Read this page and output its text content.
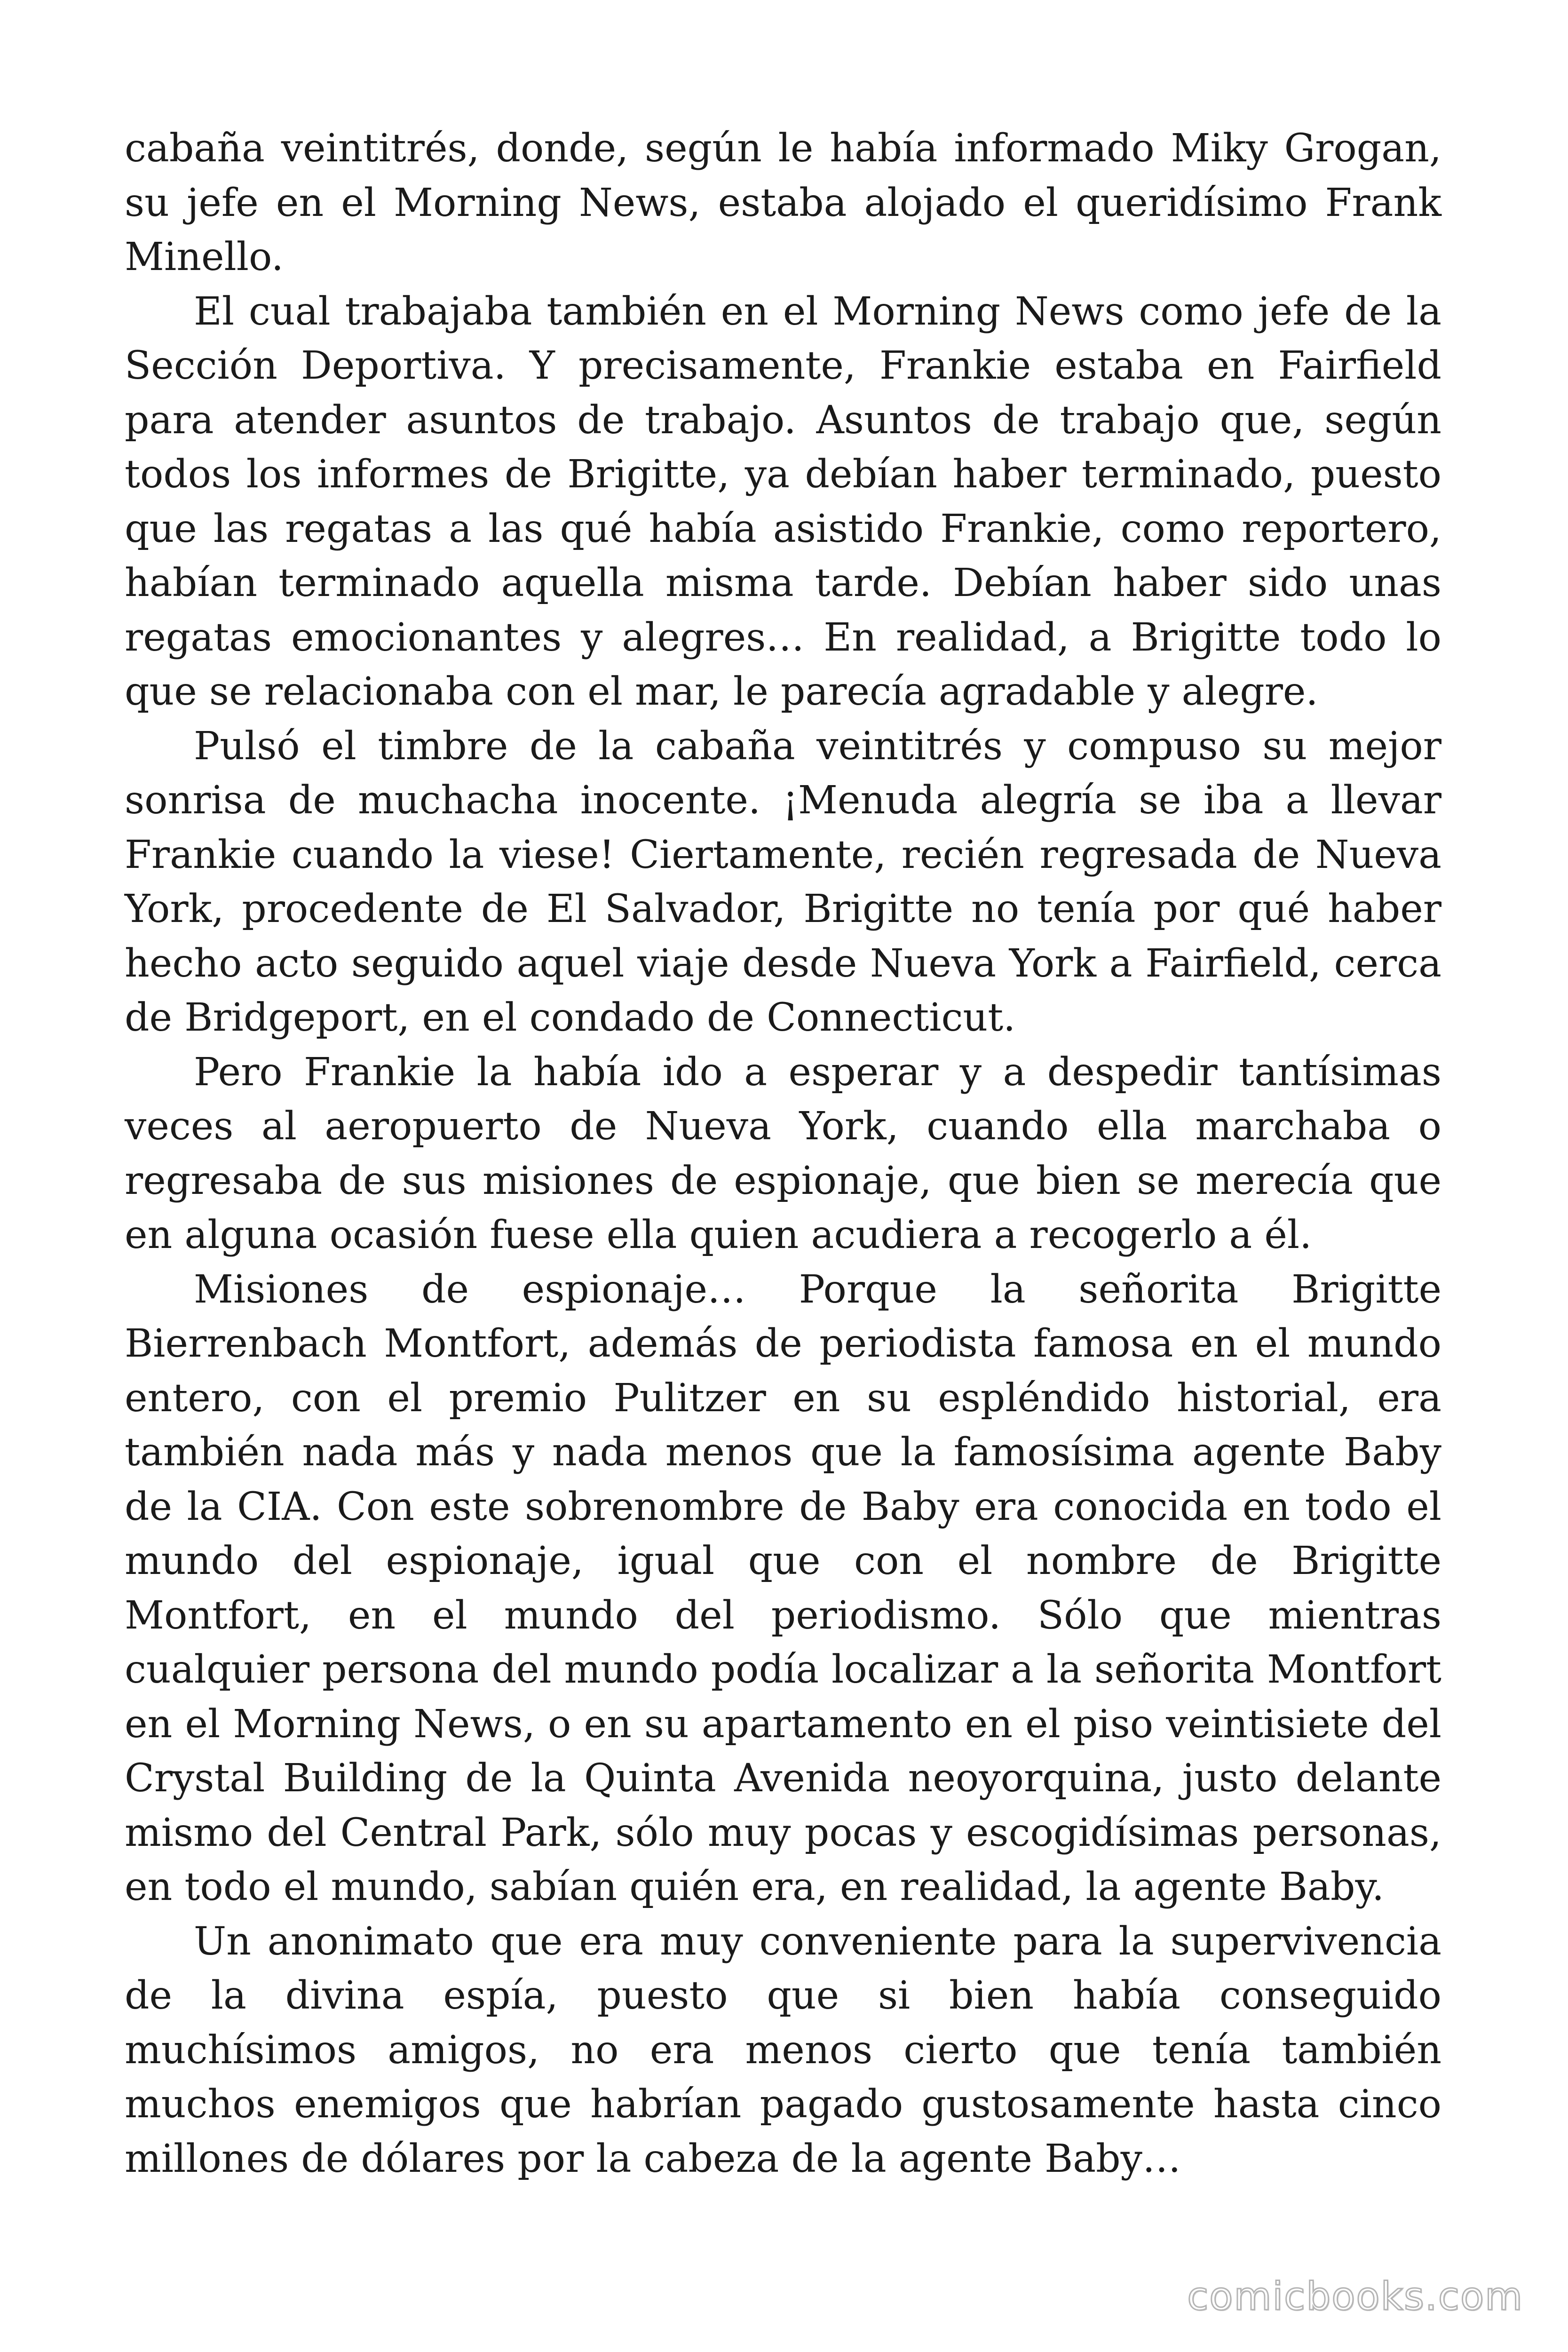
cabaña veintitrés, donde, según le había informado Miky Grogan, su jefe en el Morning News, estaba alojado el queridísimo Frank Minello.

El cual trabajaba también en el Morning News como jefe de la Sección Deportiva. Y precisamente, Frankie estaba en Fairfield para atender asuntos de trabajo. Asuntos de trabajo que, según todos los informes de Brigitte, ya debían haber terminado, puesto que las regatas a las qué había asistido Frankie, como reportero, habían terminado aquella misma tarde. Debían haber sido unas regatas emocionantes y alegres… En realidad, a Brigitte todo lo que se relacionaba con el mar, le parecía agradable y alegre.

Pulsó el timbre de la cabaña veintitrés y compuso su mejor sonrisa de muchacha inocente. ¡Menuda alegría se iba a llevar Frankie cuando la viese! Ciertamente, recién regresada de Nueva York, procedente de El Salvador, Brigitte no tenía por qué haber hecho acto seguido aquel viaje desde Nueva York a Fairfield, cerca de Bridgeport, en el condado de Connecticut.

Pero Frankie la había ido a esperar y a despedir tantísimas veces al aeropuerto de Nueva York, cuando ella marchaba o regresaba de sus misiones de espionaje, que bien se merecía que en alguna ocasión fuese ella quien acudiera a recogerlo a él.

Misiones de espionaje… Porque la señorita Brigitte Bierrenbach Montfort, además de periodista famosa en el mundo entero, con el premio Pulitzer en su espléndido historial, era también nada más y nada menos que la famosísima agente Baby de la CIA. Con este sobrenombre de Baby era conocida en todo el mundo del espionaje, igual que con el nombre de Brigitte Montfort, en el mundo del periodismo. Sólo que mientras cualquier persona del mundo podía localizar a la señorita Montfort en el Morning News, o en su apartamento en el piso veintisiete del Crystal Building de la Quinta Avenida neoyorquina, justo delante mismo del Central Park, sólo muy pocas y escogidísimas personas, en todo el mundo, sabían quién era, en realidad, la agente Baby.

Un anonimato que era muy conveniente para la supervivencia de la divina espía, puesto que si bien había conseguido muchísimos amigos, no era menos cierto que tenía también muchos enemigos que habrían pagado gustosamente hasta cinco millones de dólares por la cabeza de la agente Baby…

comicbooks.com
